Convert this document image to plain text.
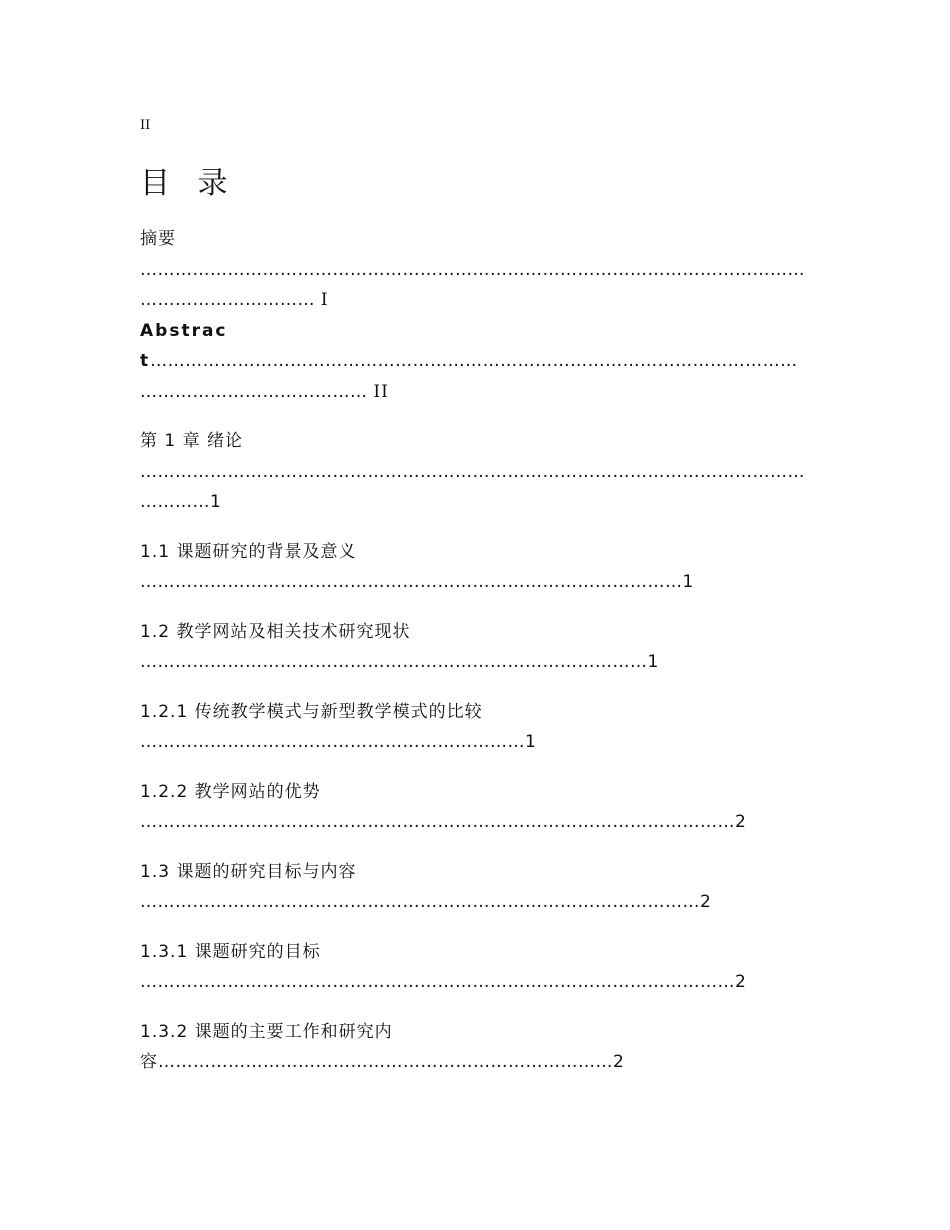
II
目 录
摘要
……………………………………………………………………………………………………………………………… I
Abstract…………………………………………………………………………………………………………………………………… II
第 1 章 绪论
………………………………………………………………………………………………………………1
1.1 课题研究的背景及意义
…………………………………………………………………………………1
1.2 教学网站及相关技术研究现状
……………………………………………………………………………1
1.2.1 传统教学模式与新型教学模式的比较
…………………………………………………………1
1.2.2 教学网站的优势
…………………………………………………………………………………………2
1.3 课题的研究目标与内容
……………………………………………………………………………………2
1.3.1 课题研究的目标
…………………………………………………………………………………………2
1.3.2 课题的主要工作和研究内容……………………………………………………………………2
